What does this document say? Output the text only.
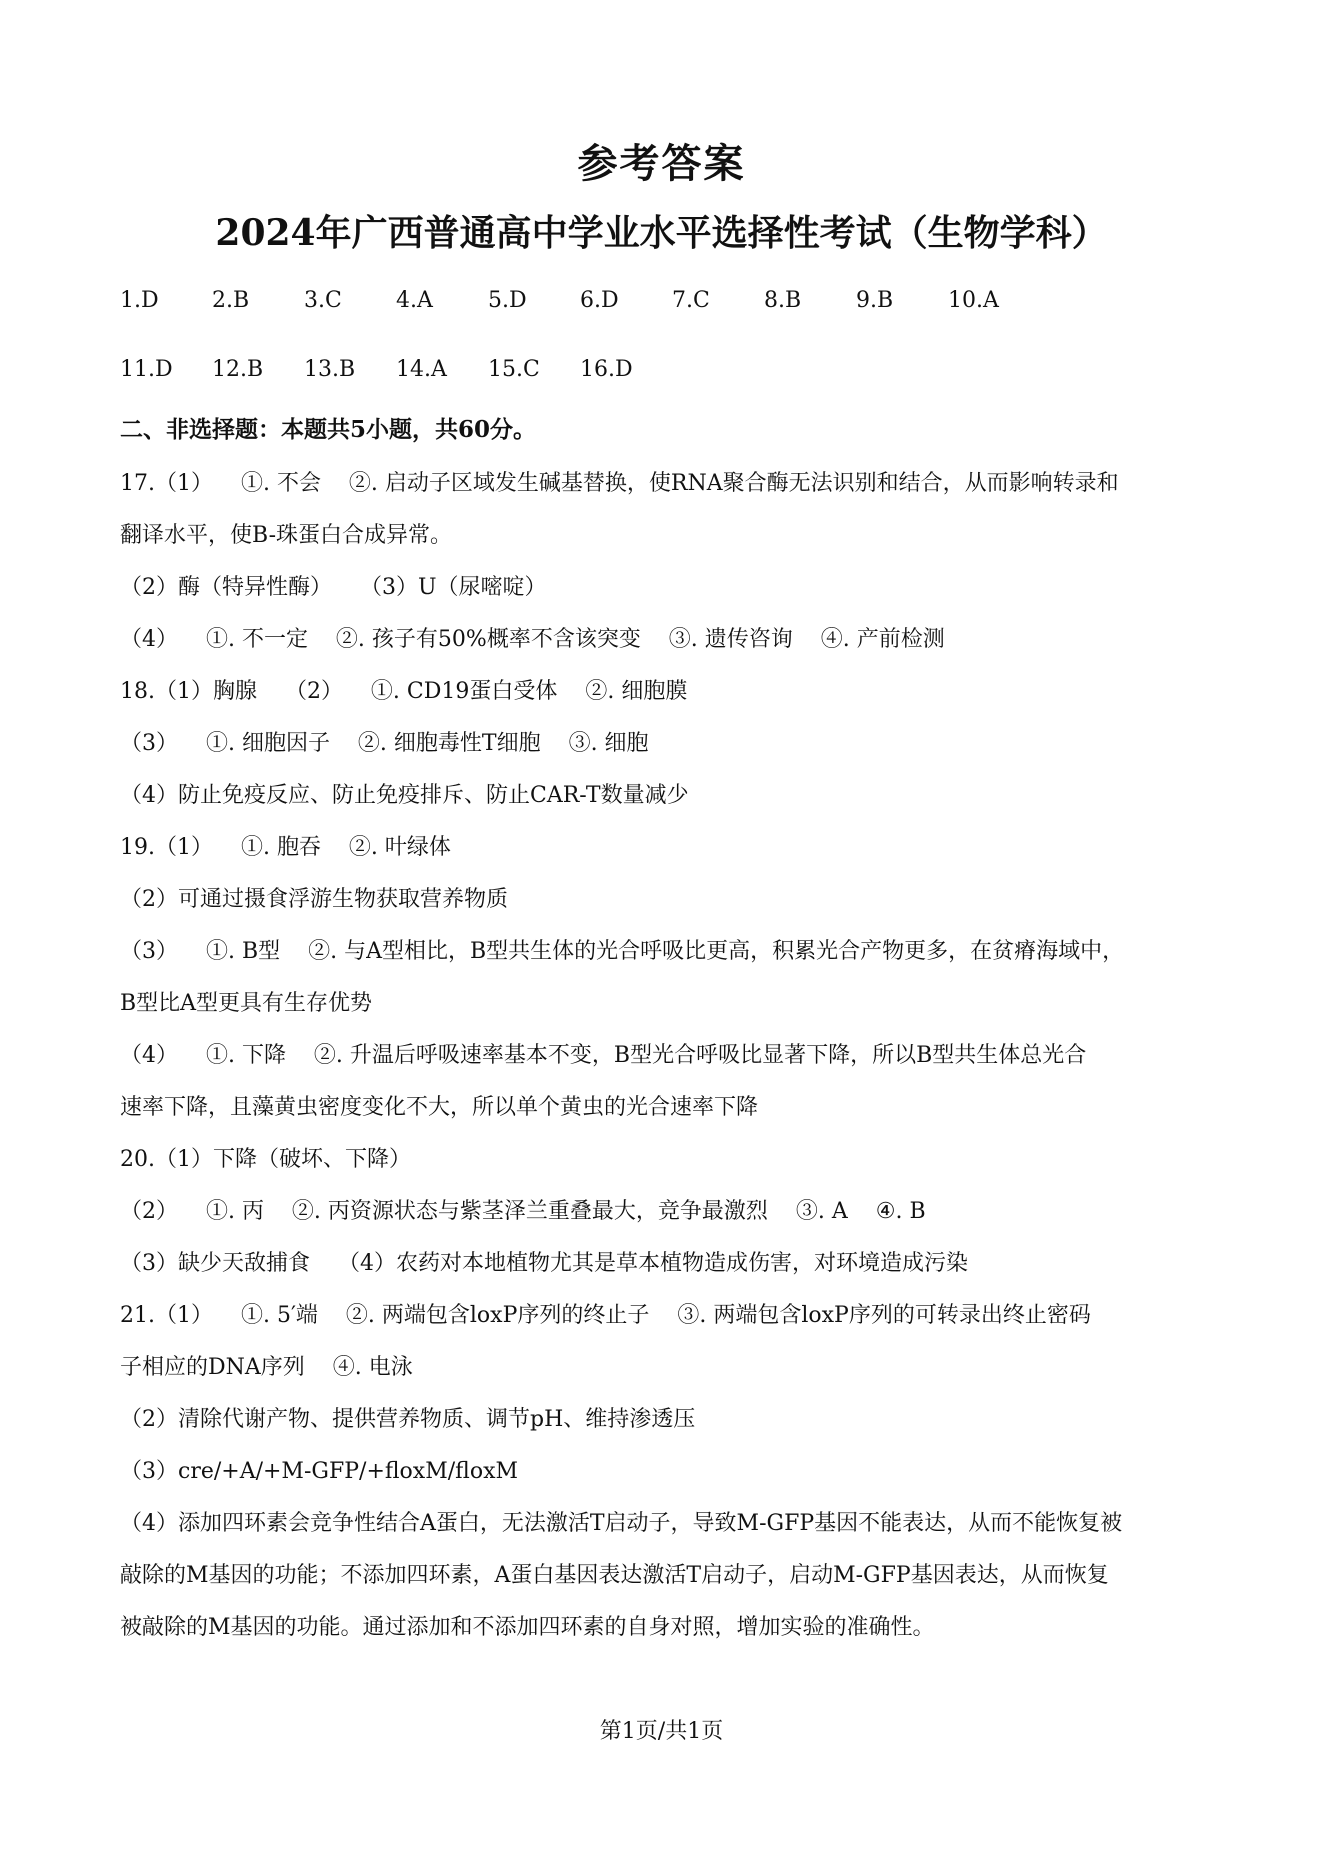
参考答案
2024年广西普通高中学业水平选择性考试（生物学科）
1.D 2.B 3.C 4.A	5.D 6.D 7.C 8.B 9.B 10.A
11.D 12.B 13.B 14.A 15.C 16.D
二、非选择题：本题共5小题，共60分。
17.（1）    ①. 不会    ②. 启动子区域发生碱基替换，使RNA聚合酶无法识别和结合，从而影响转录和
翻译水平，使B-珠蛋白合成异常。
（2）酶（特异性酶）    （3）U（尿嘧啶）
（4）    ①. 不一定    ②. 孩子有50%概率不含该突变    ③. 遗传咨询    ④. 产前检测
18.（1）胸腺    （2）    ①. CD19蛋白受体    ②. 细胞膜
（3）    ①. 细胞因子    ②. 细胞毒性T细胞    ③. 细胞
（4）防止免疫反应、防止免疫排斥、防止CAR-T数量减少
19.（1）    ①. 胞吞    ②. 叶绿体
（2）可通过摄食浮游生物获取营养物质
（3）    ①. B型    ②. 与A型相比，B型共生体的光合呼吸比更高，积累光合产物更多，在贫瘠海域中，
B型比A型更具有生存优势
（4）    ①. 下降    ②. 升温后呼吸速率基本不变，B型光合呼吸比显著下降，所以B型共生体总光合
速率下降，且藻黄虫密度变化不大，所以单个黄虫的光合速率下降
20.（1）下降（破坏、下降）
（2）    ①. 丙    ②. 丙资源状态与紫茎泽兰重叠最大，竞争最激烈    ③. A    ④. B
（3）缺少天敌捕食    （4）农药对本地植物尤其是草本植物造成伤害，对环境造成污染
21.（1）    ①. 5′端    ②. 两端包含loxP序列的终止子    ③. 两端包含loxP序列的可转录出终止密码
子相应的DNA序列    ④. 电泳
（2）清除代谢产物、提供营养物质、调节pH、维持渗透压
（3）cre/+A/+M-GFP/+floxM/floxM
（4）添加四环素会竞争性结合A蛋白，无法激活T启动子，导致M-GFP基因不能表达，从而不能恢复被
敲除的M基因的功能；不添加四环素，A蛋白基因表达激活T启动子，启动M-GFP基因表达，从而恢复
被敲除的M基因的功能。通过添加和不添加四环素的自身对照，增加实验的准确性。
第1页/共1页
